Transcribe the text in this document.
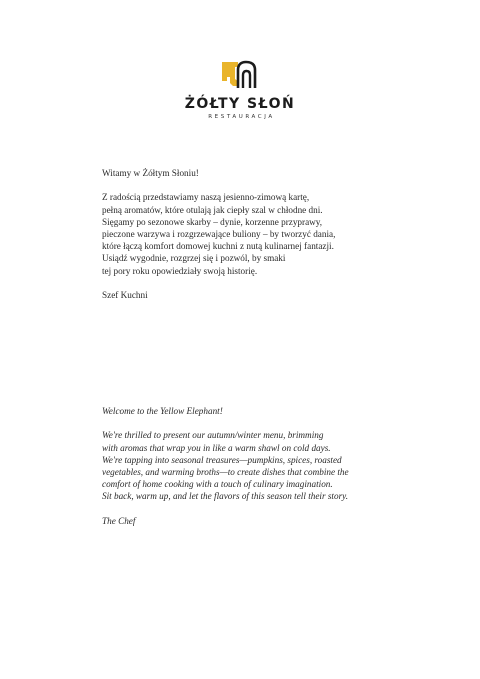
ŻÓŁTY SŁOŃ
RESTAURACJA

Witamy w Żółtym Słoniu!

Z radością przedstawiamy naszą jesienno-zimową kartę,
pełną aromatów, które otulają jak ciepły szal w chłodne dni.
Sięgamy po sezonowe skarby – dynie, korzenne przyprawy,
pieczone warzywa i rozgrzewające buliony – by tworzyć dania,
które łączą komfort domowej kuchni z nutą kulinarnej fantazji.
Usiądź wygodnie, rozgrzej się i pozwól, by smaki
tej pory roku opowiedziały swoją historię.

Szef Kuchni

Welcome to the Yellow Elephant!

We're thrilled to present our autumn/winter menu, brimming
with aromas that wrap you in like a warm shawl on cold days.
We're tapping into seasonal treasures—pumpkins, spices, roasted
vegetables, and warming broths—to create dishes that combine the
comfort of home cooking with a touch of culinary imagination.
Sit back, warm up, and let the flavors of this season tell their story.

The Chef
